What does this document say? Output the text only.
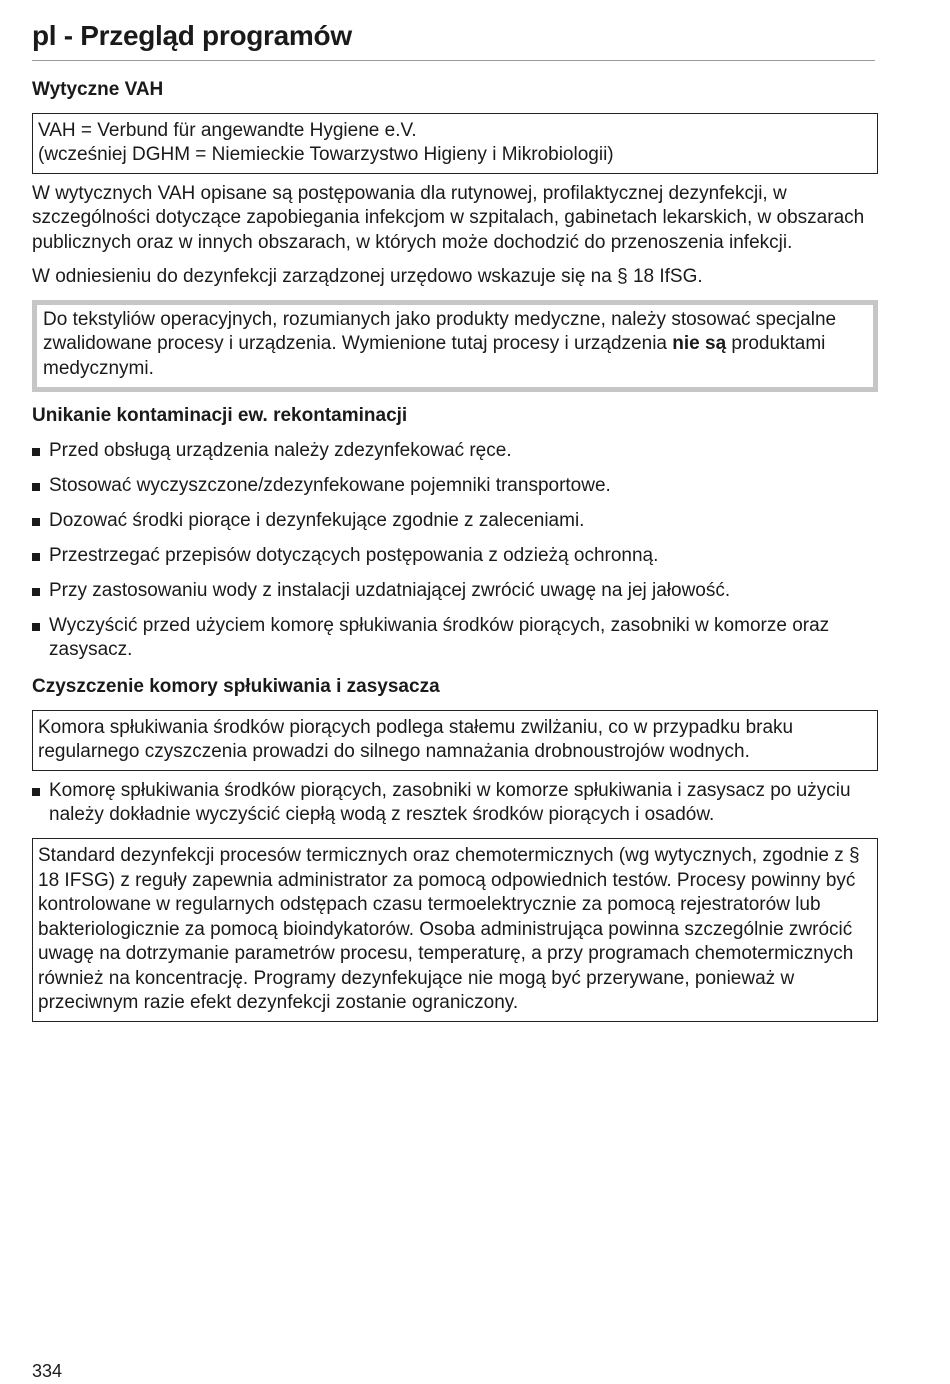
pl - Przegląd programów
Wytyczne VAH
VAH = Verbund für angewandte Hygiene e.V.
(wcześniej DGHM = Niemieckie Towarzystwo Higieny i Mikrobiologii)

W wytycznych VAH opisane są postępowania dla rutynowej, profilaktycznej dezynfekcji, w szczególności dotyczące zapobiegania infekcjom w szpitalach, gabinetach lekarskich, w obszarach publicznych oraz w innych obszarach, w których może dochodzić do przenoszenia infekcji.

W odniesieniu do dezynfekcji zarządzonej urzędowo wskazuje się na § 18 IfSG.

Do tekstyliów operacyjnych, rozumianych jako produkty medyczne, należy stosować specjalne zwalidowane procesy i urządzenia. Wymienione tutaj procesy i urządzenia nie są produktami medycznymi.
Unikanie kontaminacji ew. rekontaminacji
Przed obsługą urządzenia należy zdezynfekować ręce.
Stosować wyczyszczone/zdezynfekowane pojemniki transportowe.
Dozować środki piorące i dezynfekujące zgodnie z zaleceniami.
Przestrzegać przepisów dotyczących postępowania z odzieżą ochronną.
Przy zastosowaniu wody z instalacji uzdatniającej zwrócić uwagę na jej jałowość.
Wyczyścić przed użyciem komorę spłukiwania środków piorących, zasobniki w komorze oraz zasysacz.
Czyszczenie komory spłukiwania i zasysacza
Komora spłukiwania środków piorących podlega stałemu zwilżaniu, co w przypadku braku regularnego czyszczenia prowadzi do silnego namnażania drobnoustrojów wodnych.
Komorę spłukiwania środków piorących, zasobniki w komorze spłukiwania i zasysacz po użyciu należy dokładnie wyczyścić ciepłą wodą z resztek środków piorących i osadów.
Standard dezynfekcji procesów termicznych oraz chemotermicznych (wg wytycznych, zgodnie z § 18 IFSG) z reguły zapewnia administrator za pomocą odpowiednich testów. Procesy powinny być kontrolowane w regularnych odstępach czasu termoelektrycznie za pomocą rejestratorów lub bakteriologicznie za pomocą bioindykatorów. Osoba administrująca powinna szczególnie zwrócić uwagę na dotrzymanie parametrów procesu, temperaturę, a przy programach chemotermicznych również na koncentrację. Programy dezynfekujące nie mogą być przerywane, ponieważ w przeciwnym razie efekt dezynfekcji zostanie ograniczony.
334
